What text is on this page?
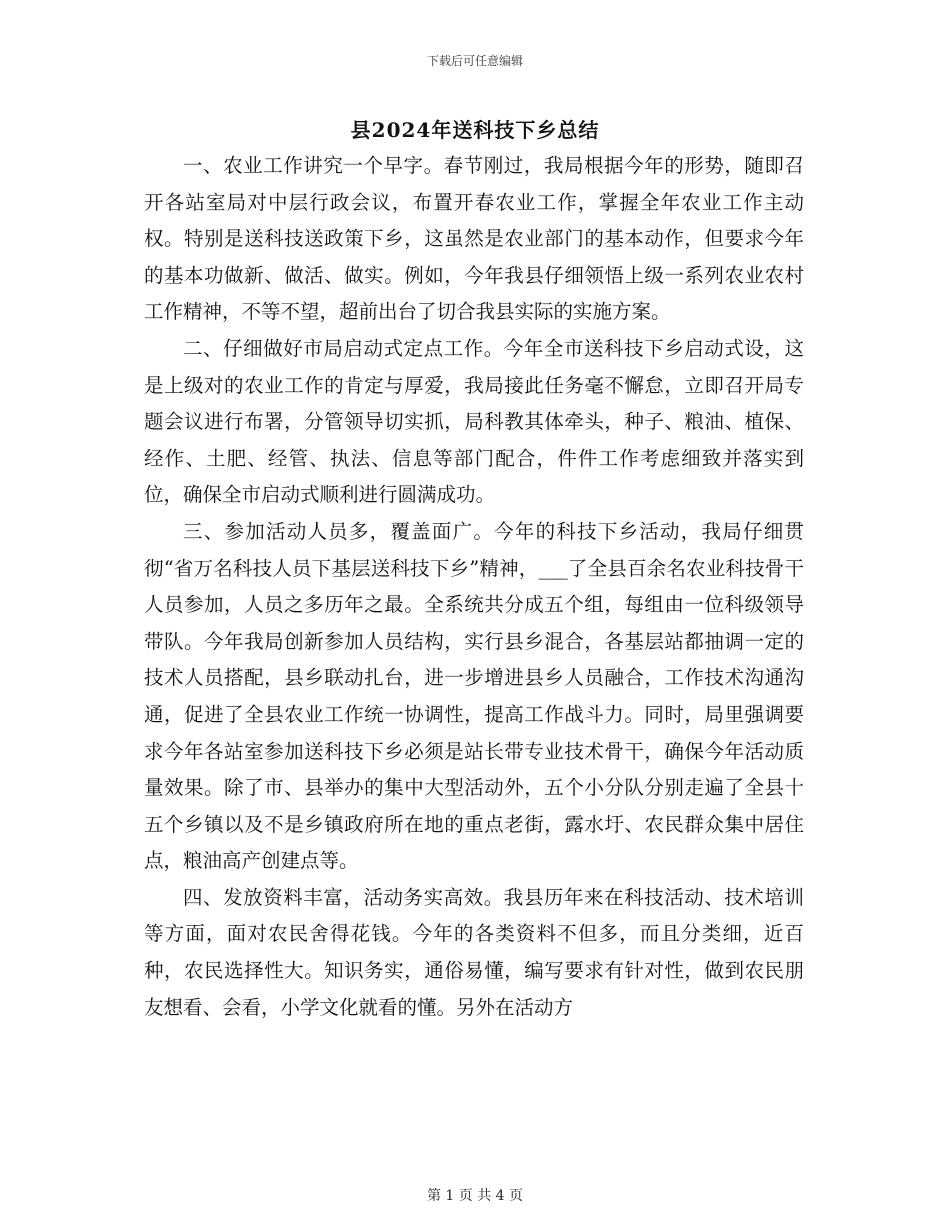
下载后可任意编辑
县2024年送科技下乡总结

一、农业工作讲究一个早字。春节刚过，我局根据今年的形势，随即召开各站室局对中层行政会议，布置开春农业工作，掌握全年农业工作主动权。特别是送科技送政策下乡，这虽然是农业部门的基本动作，但要求今年的基本功做新、做活、做实。例如，今年我县仔细领悟上级一系列农业农村工作精神，不等不望，超前出台了切合我县实际的实施方案。

二、仔细做好市局启动式定点工作。今年全市送科技下乡启动式设，这是上级对的农业工作的肯定与厚爱，我局接此任务毫不懈怠，立即召开局专题会议进行布署，分管领导切实抓，局科教其体牵头，种子、粮油、植保、经作、土肥、经管、执法、信息等部门配合，件件工作考虑细致并落实到位，确保全市启动式顺利进行圆满成功。

三、参加活动人员多，覆盖面广。今年的科技下乡活动，我局仔细贯彻“省万名科技人员下基层送科技下乡”精神，___了全县百余名农业科技骨干人员参加，人员之多历年之最。全系统共分成五个组，每组由一位科级领导带队。今年我局创新参加人员结构，实行县乡混合，各基层站都抽调一定的技术人员搭配，县乡联动扎台，进一步增进县乡人员融合，工作技术沟通沟通，促进了全县农业工作统一协调性，提高工作战斗力。同时，局里强调要求今年各站室参加送科技下乡必须是站长带专业技术骨干，确保今年活动质量效果。除了市、县举办的集中大型活动外，五个小分队分别走遍了全县十五个乡镇以及不是乡镇政府所在地的重点老街，露水圩、农民群众集中居住点，粮油高产创建点等。

四、发放资料丰富，活动务实高效。我县历年来在科技活动、技术培训等方面，面对农民舍得花钱。今年的各类资料不但多，而且分类细，近百种，农民选择性大。知识务实，通俗易懂，编写要求有针对性，做到农民朋友想看、会看，小学文化就看的懂。另外在活动方

第 1 页 共 4 页
